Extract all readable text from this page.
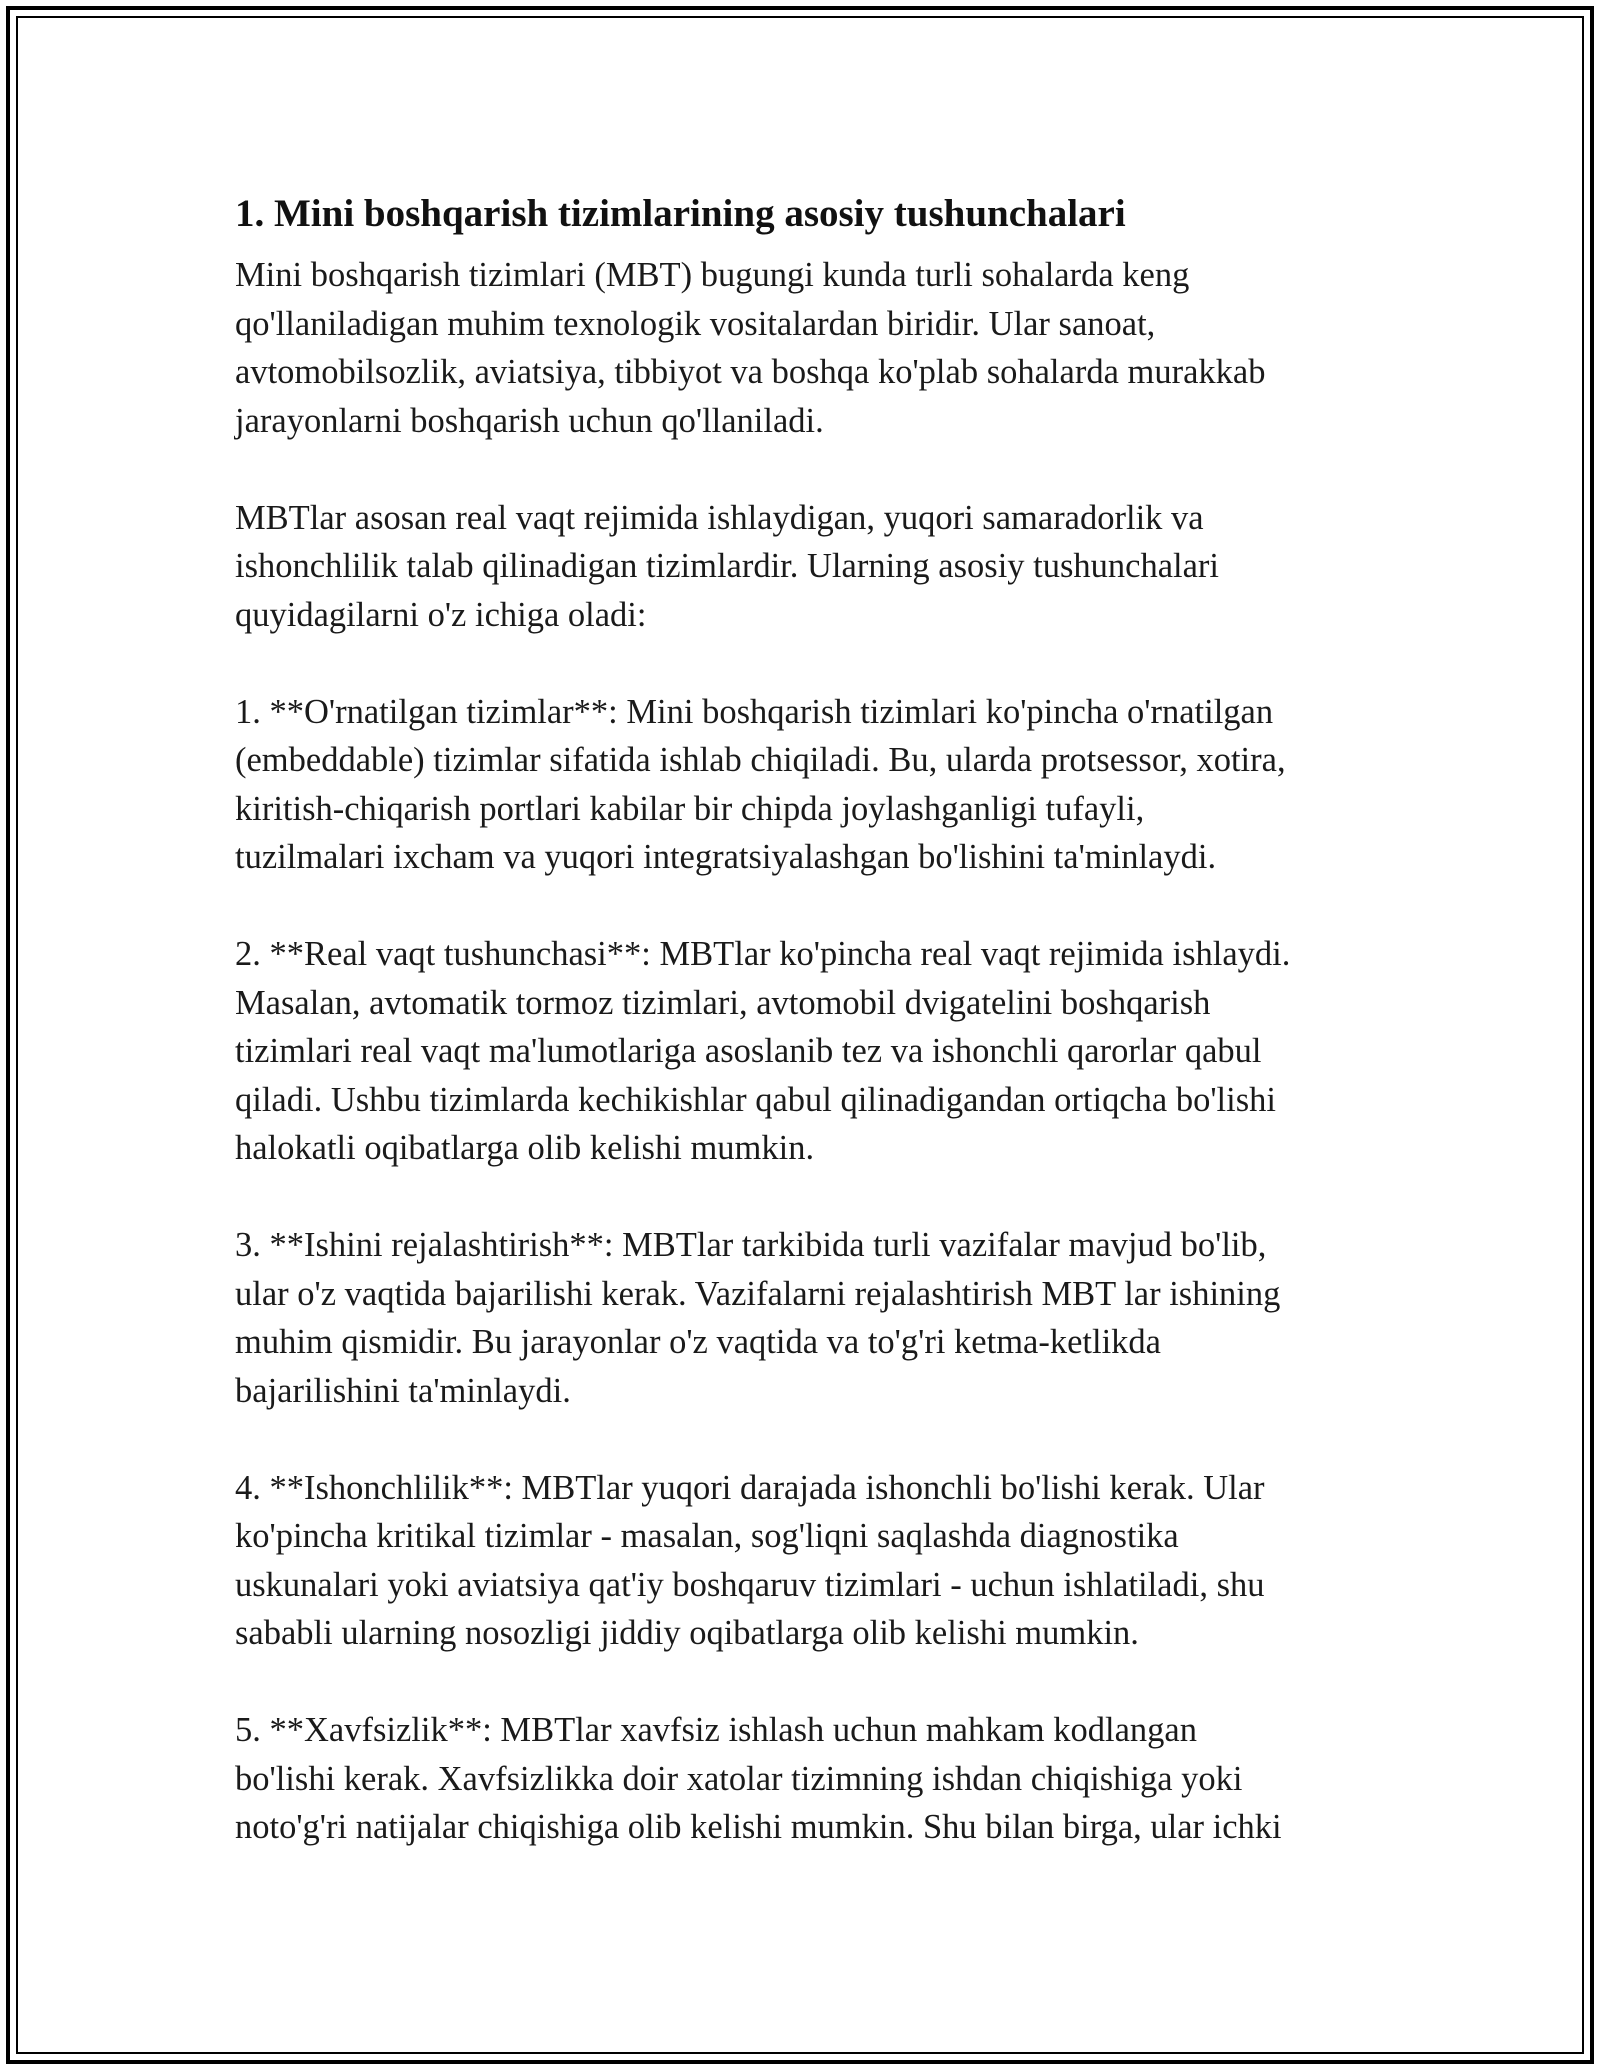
1. Mini boshqarish tizimlarining asosiy tushunchalari

Mini boshqarish tizimlari (MBT) bugungi kunda turli sohalarda keng
qo'llaniladigan muhim texnologik vositalardan biridir. Ular sanoat,
avtomobilsozlik, aviatsiya, tibbiyot va boshqa ko'plab sohalarda murakkab
jarayonlarni boshqarish uchun qo'llaniladi.

MBTlar asosan real vaqt rejimida ishlaydigan, yuqori samaradorlik va
ishonchlilik talab qilinadigan tizimlardir. Ularning asosiy tushunchalari
quyidagilarni o'z ichiga oladi:

1. **O'rnatilgan tizimlar**: Mini boshqarish tizimlari ko'pincha o'rnatilgan
(embeddable) tizimlar sifatida ishlab chiqiladi. Bu, ularda protsessor, xotira,
kiritish-chiqarish portlari kabilar bir chipda joylashganligi tufayli,
tuzilmalari ixcham va yuqori integratsiyalashgan bo'lishini ta'minlaydi.

2. **Real vaqt tushunchasi**: MBTlar ko'pincha real vaqt rejimida ishlaydi.
Masalan, avtomatik tormoz tizimlari, avtomobil dvigatelini boshqarish
tizimlari real vaqt ma'lumotlariga asoslanib tez va ishonchli qarorlar qabul
qiladi. Ushbu tizimlarda kechikishlar qabul qilinadigandan ortiqcha bo'lishi
halokatli oqibatlarga olib kelishi mumkin.

3. **Ishini rejalashtirish**: MBTlar tarkibida turli vazifalar mavjud bo'lib,
ular o'z vaqtida bajarilishi kerak. Vazifalarni rejalashtirish MBT lar ishining
muhim qismidir. Bu jarayonlar o'z vaqtida va to'g'ri ketma-ketlikda
bajarilishini ta'minlaydi.

4. **Ishonchlilik**: MBTlar yuqori darajada ishonchli bo'lishi kerak. Ular
ko'pincha kritikal tizimlar - masalan, sog'liqni saqlashda diagnostika
uskunalari yoki aviatsiya qat'iy boshqaruv tizimlari - uchun ishlatiladi, shu
sababli ularning nosozligi jiddiy oqibatlarga olib kelishi mumkin.

5. **Xavfsizlik**: MBTlar xavfsiz ishlash uchun mahkam kodlangan
bo'lishi kerak. Xavfsizlikka doir xatolar tizimning ishdan chiqishiga yoki
noto'g'ri natijalar chiqishiga olib kelishi mumkin. Shu bilan birga, ular ichki
